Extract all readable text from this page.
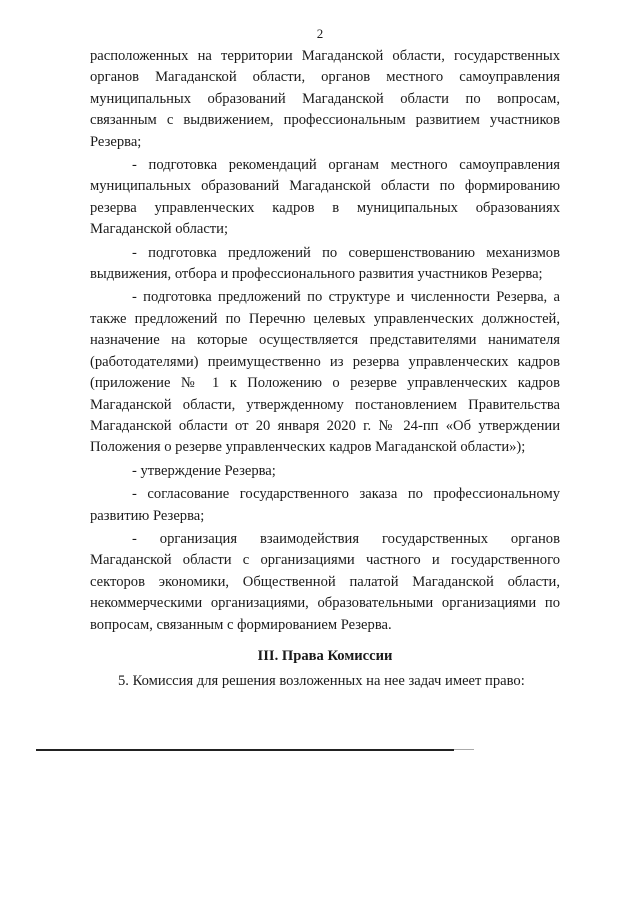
2

расположенных на территории Магаданской области, государственных органов Магаданской области, органов местного самоуправления муниципальных образований Магаданской области по вопросам, связанным с выдвижением, профессиональным развитием участников Резерва;

- подготовка рекомендаций органам местного самоуправления муниципальных образований Магаданской области по формированию резерва управленческих кадров в муниципальных образованиях Магаданской области;

- подготовка предложений по совершенствованию механизмов выдвижения, отбора и профессионального развития участников Резерва;

- подготовка предложений по структуре и численности Резерва, а также предложений по Перечню целевых управленческих должностей, назначение на которые осуществляется представителями нанимателя (работодателями) преимущественно из резерва управленческих кадров (приложение № 1 к Положению о резерве управленческих кадров Магаданской области, утвержденному постановлением Правительства Магаданской области от 20 января 2020 г. № 24-пп «Об утверждении Положения о резерве управленческих кадров Магаданской области»);

- утверждение Резерва;

- согласование государственного заказа по профессиональному развитию Резерва;

- организация взаимодействия государственных органов Магаданской области с организациями частного и государственного секторов экономики, Общественной палатой Магаданской области, некоммерческими организациями, образовательными организациями по вопросам, связанным с формированием Резерва.

III. Права Комиссии

5. Комиссия для решения возложенных на нее задач имеет право:
